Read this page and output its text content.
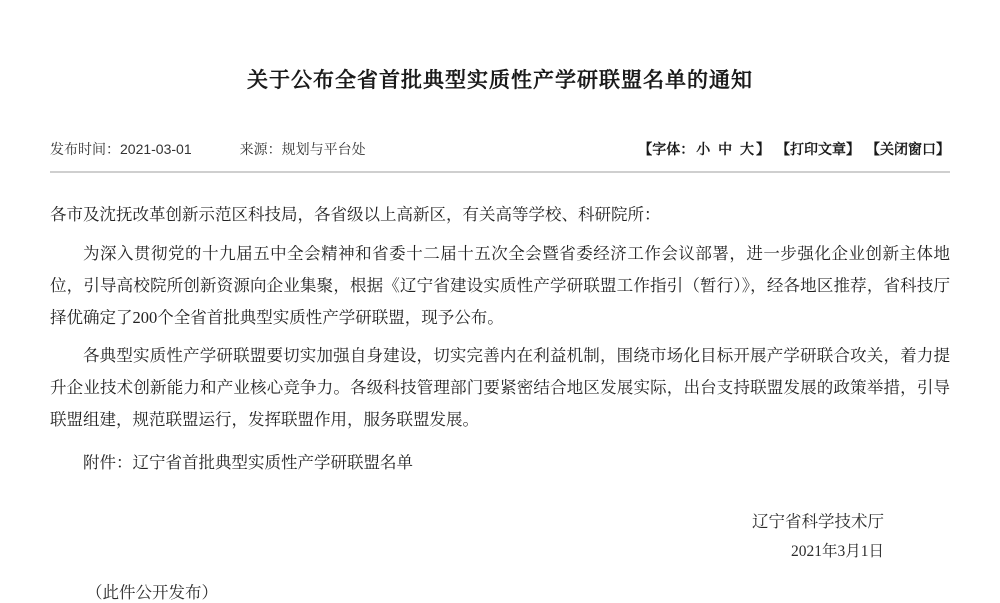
关于公布全省首批典型实质性产学研联盟名单的通知
发布时间：2021-03-01	来源：规划与平台处	【字体： 小 中 大 】 【打印文章】 【关闭窗口】

各市及沈抚改革创新示范区科技局，各省级以上高新区，有关高等学校、科研院所：

为深入贯彻党的十九届五中全会精神和省委十二届十五次全会暨省委经济工作会议部署，进一步强化企业创新主体地位，引导高校院所创新资源向企业集聚，根据《辽宁省建设实质性产学研联盟工作指引（暂行）》，经各地区推荐，省科技厅择优确定了200个全省首批典型实质性产学研联盟，现予公布。

各典型实质性产学研联盟要切实加强自身建设，切实完善内在利益机制，围绕市场化目标开展产学研联合攻关，着力提升企业技术创新能力和产业核心竞争力。各级科技管理部门要紧密结合地区发展实际，出台支持联盟发展的政策举措，引导联盟组建，规范联盟运行，发挥联盟作用，服务联盟发展。

附件：辽宁省首批典型实质性产学研联盟名单

辽宁省科学技术厅
2021年3月1日
（此件公开发布）
